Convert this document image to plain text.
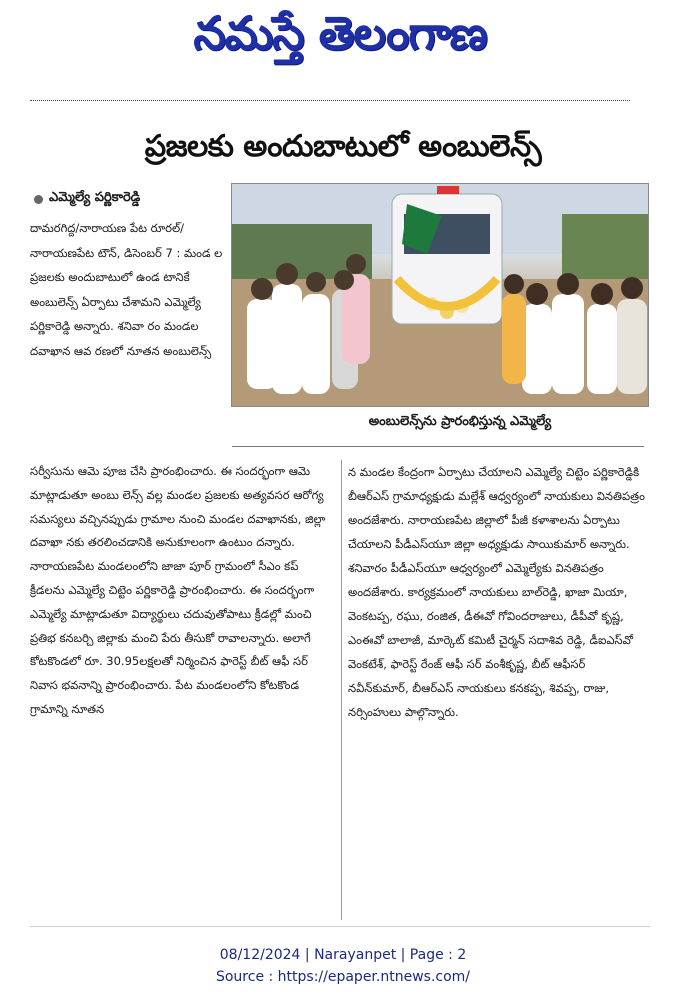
నమస్తే తెలంగాణ
ప్రజలకు అందుబాటులో అంబులెన్స్
ఎమ్మెల్యే పర్ణికారెడ్డి

దామరగిద్ద/నారాయణ పేట రూరల్/నారాయణపేట టౌన్, డిసెంబర్ 7 : మండ ల ప్రజలకు అందుబాటులో ఉండ టానికే అంబులెన్స్ ఏర్పాటు చేశామని ఎమ్మెల్యే పర్ణికారెడ్డి అన్నారు. శనివా రం మండల దవాఖాన ఆవ రణలో నూతన అంబులెన్స్

అంబులెన్స్‌ను ప్రారంభిస్తున్న ఎమ్మెల్యే

సర్వీసును ఆమె పూజ చేసి ప్రారంభించారు. ఈ సందర్భంగా ఆమె మాట్లాడుతూ అంబు లెన్స్ వల్ల మండల ప్రజలకు అత్యవసర ఆరోగ్య సమస్యలు వచ్చినప్పుడు గ్రామాల నుంచి మండల దవాఖానకు, జిల్లా దవాఖా నకు తరలించడానికి అనుకూలంగా ఉంటుం దన్నారు. నారాయణపేట మండలంలోని జాజా పూర్ గ్రామంలో సీఎం కప్ క్రీడలను ఎమ్మెల్యే చిట్టెం పర్ణికారెడ్డి ప్రారంభించారు. ఈ సందర్భంగా ఎమ్మెల్యే మాట్లాడుతూ విద్యార్థులు చదువుతోపాటు క్రీడల్లో మంచి ప్రతిభ కనబర్చి జిల్లాకు మంచి పేరు తీసుకో రావాలన్నారు. అలాగే కోటకొండలో రూ. 30.95లక్షలతో నిర్మించిన ఫారెస్ట్ బీట్ ఆఫీ సర్ నివాస భవనాన్ని ప్రారంభించారు. పేట మండలంలోని కోటకొండ గ్రామాన్ని నూతన

న మండల కేంద్రంగా ఏర్పాటు చేయాలని ఎమ్మెల్యే చిట్టెం పర్ణికారెడ్డికి బీఆర్ఎస్ గ్రామాధ్యక్షుడు మల్లేశ్ ఆధ్వర్యంలో నాయకులు వినతిపత్రం అందజేశారు. నారాయణపేట జిల్లాలో పీజీ కళాశాలను ఏర్పాటు చేయాలని పీడీఎస్‌యూ జిల్లా అధ్యక్షుడు సాయికుమార్ అన్నారు. శనివారం పీడీఎస్‌యూ ఆధ్వర్యంలో ఎమ్మెల్యేకు వినతిపత్రం అందజేశారు. కార్యక్రమంలో నాయకులు బాల్‌రెడ్డి, ఖాజా మియా, వెంకటప్ప, రఘు, రంజిత, డీఈవో గోవిందరాజులు, డీపీవో కృష్ణ, ఎంఈవో బాలాజీ, మార్కెట్ కమిటీ చైర్మన్ సదాశివ రెడ్డి, డీఐఎస్‌వో వెంకటేశ్, ఫారెస్ట్ రేంజ్ ఆఫీ సర్ వంశీకృష్ణ, బీట్ ఆఫీసర్ నవీన్‌కుమార్, బీఆర్ఎస్ నాయకులు కనకప్ప, శివప్ప, రాజు, నర్సింహులు పాల్గొన్నారు.

08/12/2024 | Narayanpet | Page : 2
Source : https://epaper.ntnews.com/
